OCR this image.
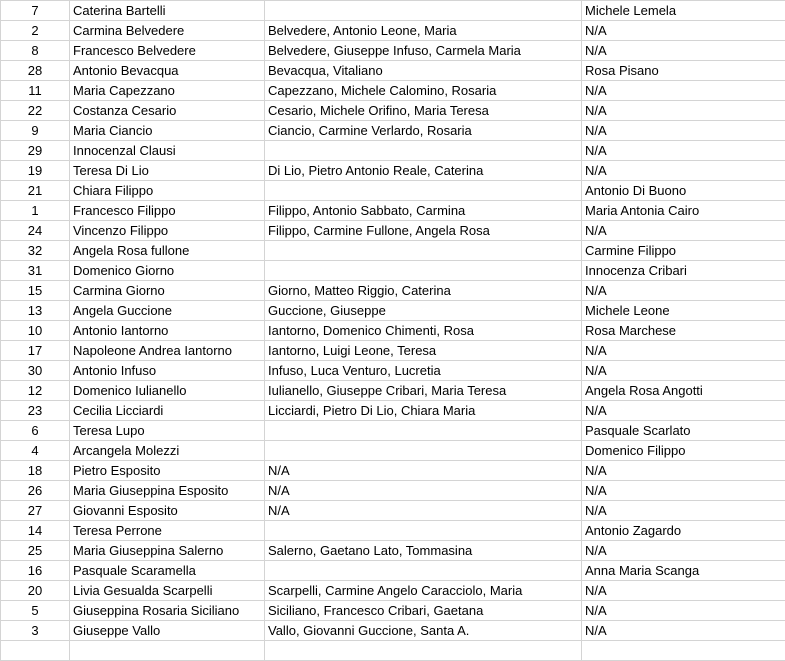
7	Caterina Bartelli		Michele Lemela
2	Carmina Belvedere	Belvedere, Antonio Leone, Maria	N/A
8	Francesco Belvedere	Belvedere, Giuseppe Infuso, Carmela Maria	N/A
28	Antonio Bevacqua	Bevacqua, Vitaliano	Rosa Pisano
11	Maria Capezzano	Capezzano, Michele Calomino, Rosaria	N/A
22	Costanza Cesario	Cesario, Michele Orifino, Maria Teresa	N/A
9	Maria Ciancio	Ciancio, Carmine Verlardo, Rosaria	N/A
29	Innocenzal Clausi		N/A
19	Teresa Di Lio	Di Lio, Pietro Antonio Reale, Caterina	N/A
21	Chiara Filippo		Antonio Di Buono
1	Francesco Filippo	Filippo, Antonio Sabbato, Carmina	Maria Antonia Cairo
24	Vincenzo Filippo	Filippo, Carmine Fullone, Angela Rosa	N/A
32	Angela Rosa fullone		Carmine Filippo
31	Domenico Giorno		Innocenza Cribari
15	Carmina Giorno	Giorno, Matteo Riggio, Caterina	N/A
13	Angela Guccione	Guccione, Giuseppe	Michele Leone
10	Antonio Iantorno	Iantorno, Domenico Chimenti, Rosa	Rosa Marchese
17	Napoleone Andrea Iantorno	Iantorno, Luigi Leone, Teresa	N/A
30	Antonio Infuso	Infuso, Luca Venturo, Lucretia	N/A
12	Domenico Iulianello	Iulianello, Giuseppe Cribari, Maria Teresa	Angela Rosa Angotti
23	Cecilia Licciardi	Licciardi, Pietro Di Lio, Chiara Maria	N/A
6	Teresa Lupo		Pasquale Scarlato
4	Arcangela Molezzi		Domenico Filippo
18	Pietro Esposito	N/A	N/A
26	Maria Giuseppina Esposito	N/A	N/A
27	Giovanni Esposito	N/A	N/A
14	Teresa Perrone		Antonio Zagardo
25	Maria Giuseppina Salerno	Salerno, Gaetano Lato, Tommasina	N/A
16	Pasquale Scaramella		Anna Maria Scanga
20	Livia Gesualda Scarpelli	Scarpelli, Carmine Angelo Caracciolo, Maria	N/A
5	Giuseppina Rosaria Siciliano	Siciliano, Francesco Cribari, Gaetana	N/A
3	Giuseppe Vallo	Vallo, Giovanni Guccione, Santa A.	N/A
